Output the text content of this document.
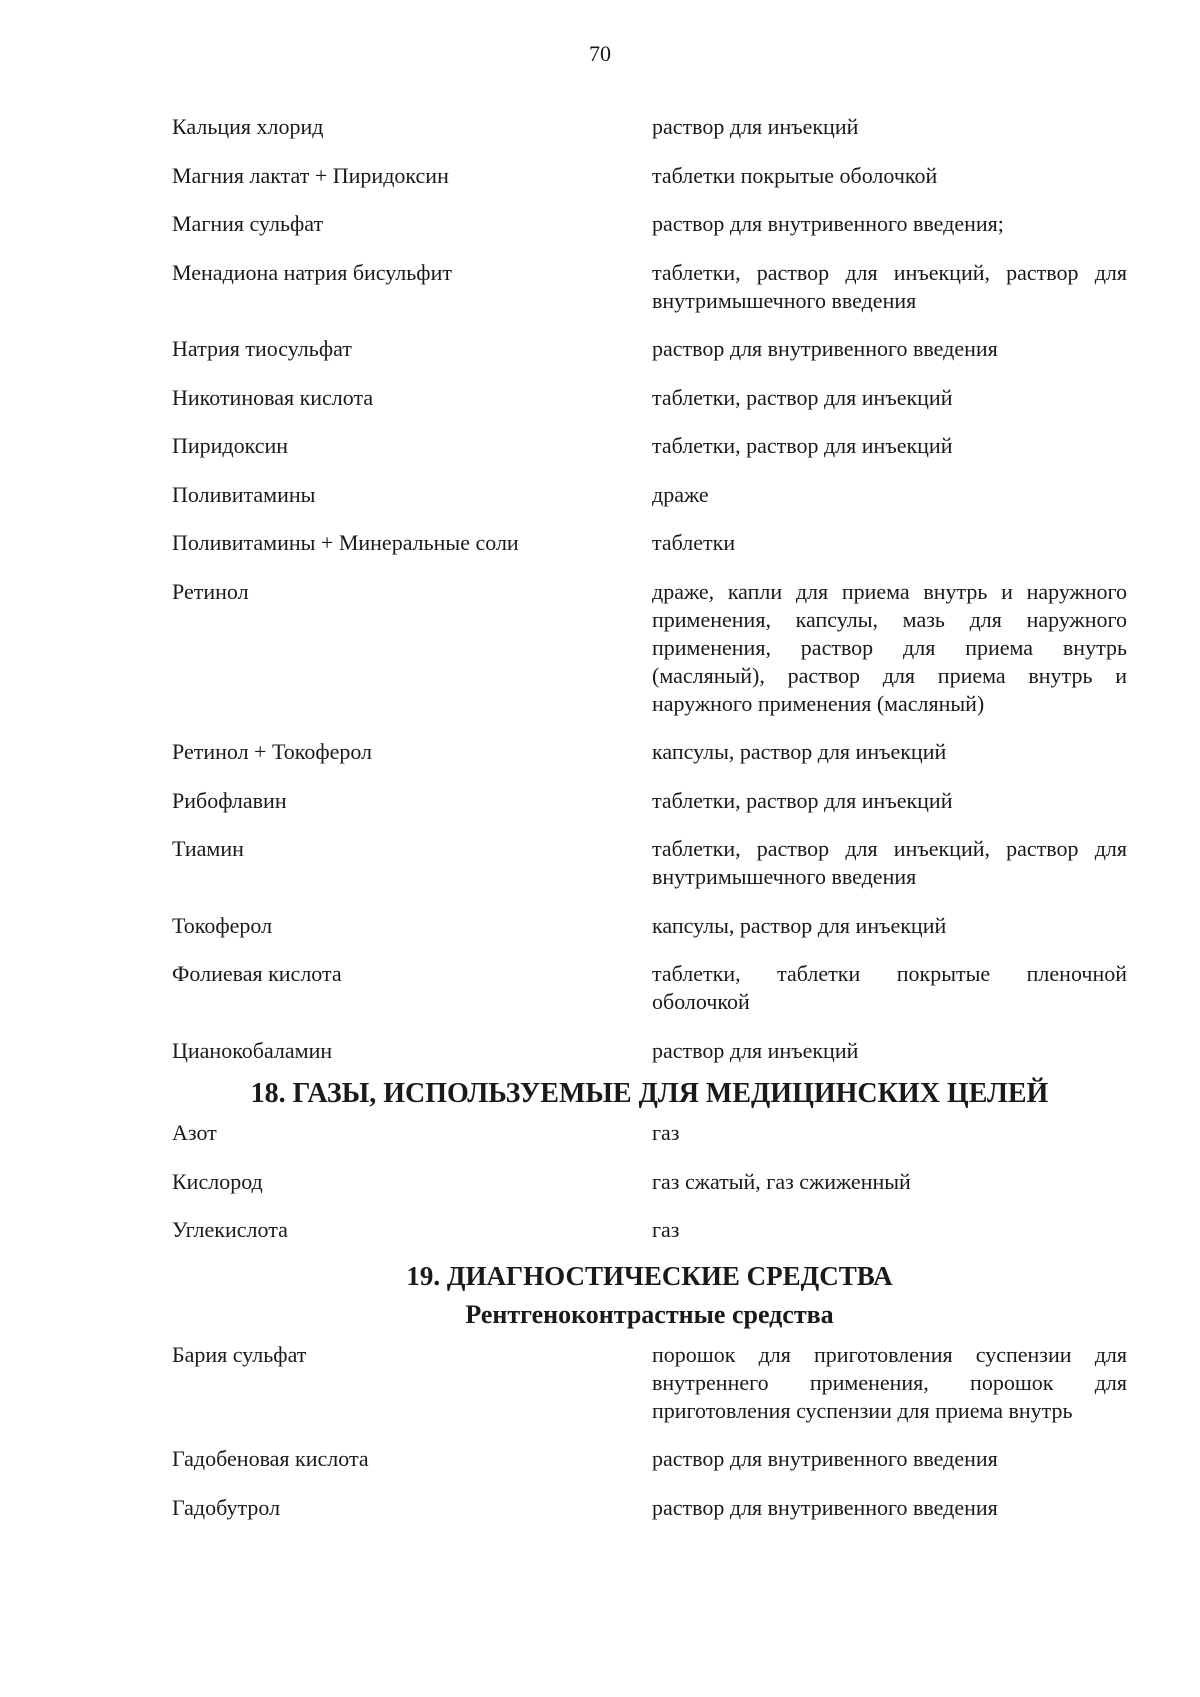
70
Кальция хлорид	раствор для инъекций
Магния лактат + Пиридоксин	таблетки покрытые оболочкой
Магния сульфат	раствор для внутривенного введения;
Менадиона натрия бисульфит	таблетки, раствор для инъекций, раствор для внутримышечного введения
Натрия тиосульфат	раствор для внутривенного введения
Никотиновая кислота	таблетки, раствор для инъекций
Пиридоксин	таблетки, раствор для инъекций
Поливитамины	драже
Поливитамины + Минеральные соли	таблетки
Ретинол	драже, капли для приема внутрь и наружного применения, капсулы, мазь для наружного применения, раствор для приема внутрь (масляный), раствор для приема внутрь и наружного применения (масляный)
Ретинол + Токоферол	капсулы, раствор для инъекций
Рибофлавин	таблетки, раствор для инъекций
Тиамин	таблетки, раствор для инъекций, раствор для внутримышечного введения
Токоферол	капсулы, раствор для инъекций
Фолиевая кислота	таблетки, таблетки покрытые пленочной оболочкой
Цианокобаламин	раствор для инъекций
18. ГАЗЫ, ИСПОЛЬЗУЕМЫЕ ДЛЯ МЕДИЦИНСКИХ ЦЕЛЕЙ
Азот	газ
Кислород	газ сжатый, газ сжиженный
Углекислота	газ
19. ДИАГНОСТИЧЕСКИЕ СРЕДСТВА
Рентгеноконтрастные средства
Бария сульфат	порошок для приготовления суспензии для внутреннего применения, порошок для приготовления суспензии для приема внутрь
Гадобеновая кислота	раствор для внутривенного введения
Гадобутрол	раствор для внутривенного введения
